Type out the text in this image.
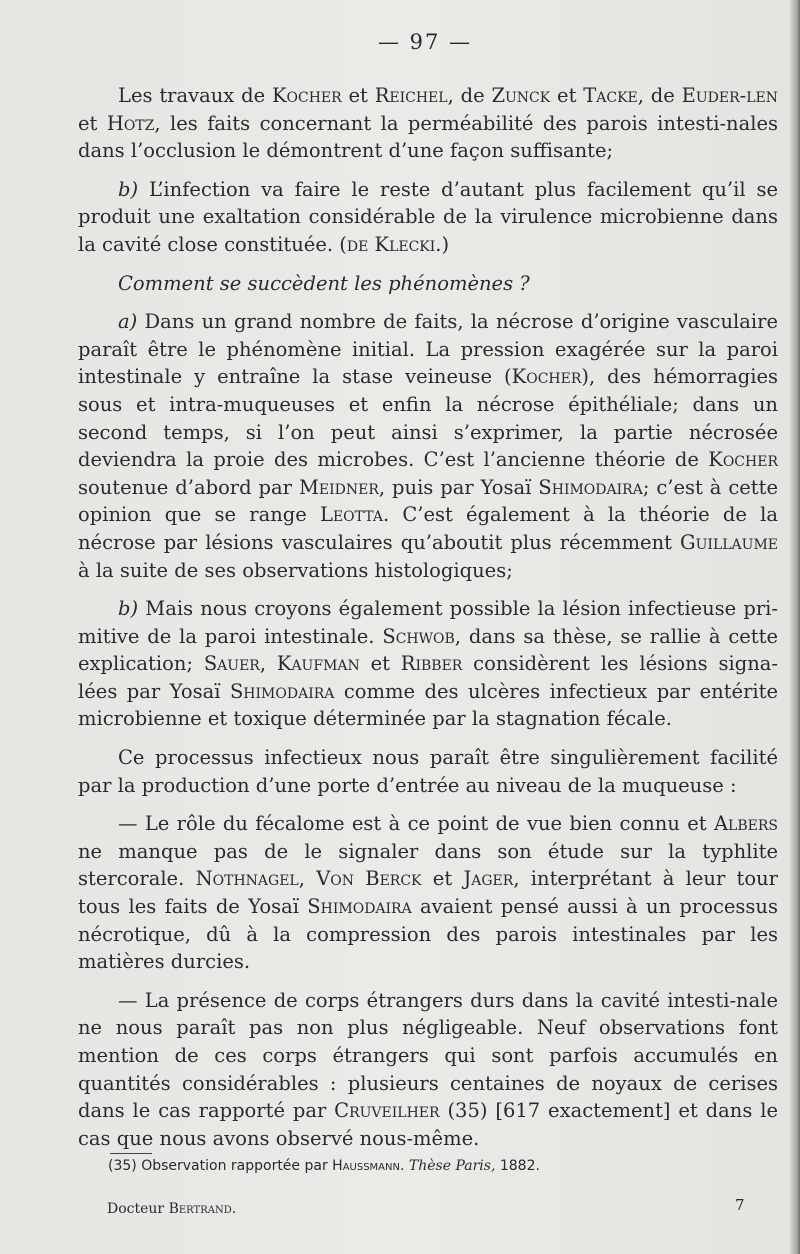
— 97 —

Les travaux de Kocher et Reichel, de Zunck et Tacke, de Euder-len et Hotz, les faits concernant la perméabilité des parois intesti-nales dans l’occlusion le démontrent d’une façon suffisante;

b) L’infection va faire le reste d’autant plus facilement qu’il se produit une exaltation considérable de la virulence microbienne dans la cavité close constituée. (de Klecki.)

Comment se succèdent les phénomènes ?

a) Dans un grand nombre de faits, la nécrose d’origine vasculaire paraît être le phénomène initial. La pression exagérée sur la paroi intestinale y entraîne la stase veineuse (Kocher), des hémorragies sous et intra-muqueuses et enfin la nécrose épithéliale; dans un second temps, si l’on peut ainsi s’exprimer, la partie nécrosée deviendra la proie des microbes. C’est l’ancienne théorie de Kocher soutenue d’abord par Meidner, puis par Yosaï Shimodaira; c’est à cette opinion que se range Leotta. C’est également à la théorie de la nécrose par lésions vasculaires qu’aboutit plus récemment Guillaume à la suite de ses observations histologiques;

b) Mais nous croyons également possible la lésion infectieuse pri-mitive de la paroi intestinale. Schwob, dans sa thèse, se rallie à cette explication; Sauer, Kaufman et Ribber considèrent les lésions signa-lées par Yosaï Shimodaira comme des ulcères infectieux par entérite microbienne et toxique déterminée par la stagnation fécale.

Ce processus infectieux nous paraît être singulièrement facilité par la production d’une porte d’entrée au niveau de la muqueuse :

— Le rôle du fécalome est à ce point de vue bien connu et Albers ne manque pas de le signaler dans son étude sur la typhlite stercorale. Nothnagel, Von Berck et Jager, interprétant à leur tour tous les faits de Yosaï Shimodaira avaient pensé aussi à un processus nécrotique, dû à la compression des parois intestinales par les matières durcies.

— La présence de corps étrangers durs dans la cavité intesti-nale ne nous paraît pas non plus négligeable. Neuf observations font mention de ces corps étrangers qui sont parfois accumulés en quantités considérables : plusieurs centaines de noyaux de cerises dans le cas rapporté par Cruveilher (35) [617 exactement] et dans le cas que nous avons observé nous-même.

(35) Observation rapportée par Haussmann. Thèse Paris, 1882.
Docteur Bertrand.	7
